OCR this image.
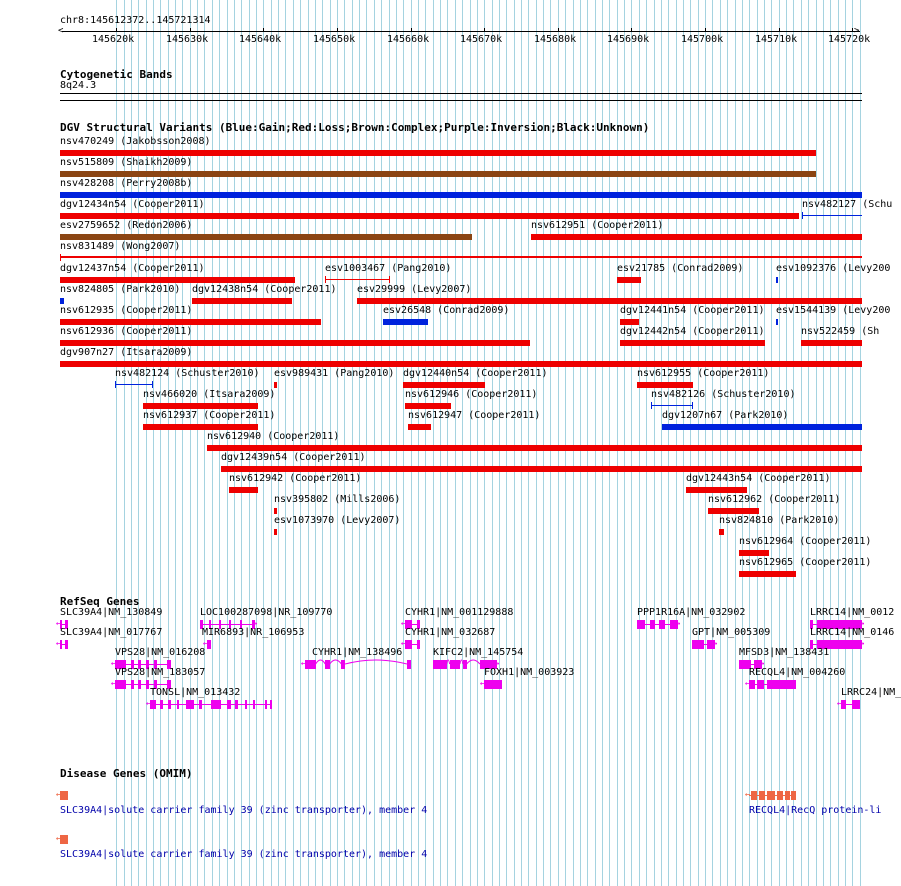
chr8:145612372..145721314
<	>
145620k	145630k	145640k	145650k	145660k	145670k	145680k	145690k	145700k	145710k	145720k
Cytogenetic Bands
8q24.3
DGV Structural Variants (Blue:Gain;Red:Loss;Brown:Complex;Purple:Inversion;Black:Unknown)
nsv470249 (Jakobsson2008)
nsv515809 (Shaikh2009)
nsv428208 (Perry2008b)
dgv12434n54 (Cooper2011)	nsv482127 (Schu
esv2759652 (Redon2006)	nsv612951 (Cooper2011)
nsv831489 (Wong2007)
dgv12437n54 (Cooper2011)	esv1003467 (Pang2010)	esv21785 (Conrad2009)	esv1092376 (Levy200
nsv824805 (Park2010) dgv12438n54 (Cooper2011) esv29999 (Levy2007)
nsv612935 (Cooper2011)	esv26548 (Conrad2009)	dgv12441n54 (Cooper2011) esv1544139 (Levy200
nsv612936 (Cooper2011)	dgv12442n54 (Cooper2011)	nsv522459 (Sh
dgv907n27 (Itsara2009)
nsv482124 (Schuster2010) esv989431 (Pang2010) dgv12440n54 (Cooper2011)	nsv612955 (Cooper2011)
nsv466020 (Itsara2009)	nsv612946 (Cooper2011)	nsv482126 (Schuster2010)
nsv612937 (Cooper2011)	nsv612947 (Cooper2011)	dgv1207n67 (Park2010)
nsv612940 (Cooper2011)
dgv12439n54 (Cooper2011)
nsv612942 (Cooper2011)	dgv12443n54 (Cooper2011)
nsv395802 (Mills2006)	nsv612962 (Cooper2011)
esv1073970 (Levy2007)	nsv824810 (Park2010)
nsv612964 (Cooper2011)
nsv612965 (Cooper2011)
RefSeq Genes
SLC39A4|NM_130849
←
LOC100287098|NR_109770
→
CYHR1|NM_001129888
←
PPP1R16A|NM_032902
→
LRRC14|NM_0012
→
SLC39A4|NM_017767
←
MIR6893|NR_106953
←
CYHR1|NM_032687
←
GPT|NM_005309
→
LRRC14|NM_0146
→
VPS28|NM_016208
←
CYHR1|NM_138496
←
KIFC2|NM_145754
→
MFSD3|NM_138431
→
VPS28|NM_183057
←
FOXH1|NM_003923
←
RECQL4|NM_004260
←
TONSL|NM_013432
←
LRRC24|NM_
←
Disease Genes (OMIM)
←
SLC39A4|solute carrier family 39 (zinc transporter), member 4
←
RECQL4|RecQ protein-li
←
SLC39A4|solute carrier family 39 (zinc transporter), member 4
